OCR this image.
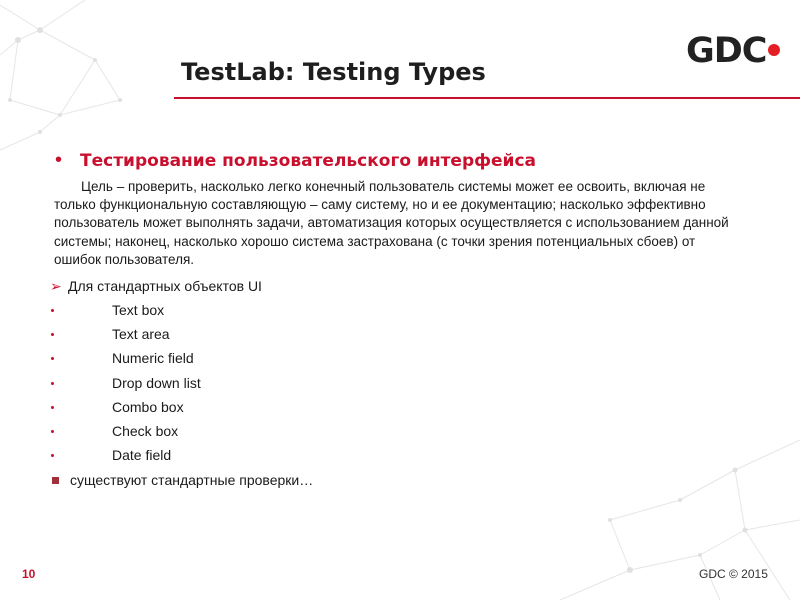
GDC
TestLab: Testing Types
• Тестирование пользовательского интерфейса

Цель – проверить, насколько легко конечный пользователь системы может ее освоить, включая не только функциональную составляющую – саму систему, но и ее документацию; насколько эффективно пользователь может выполнять задачи, автоматизация которых осуществляется с использованием данной системы; наконец, насколько хорошо система застрахована (с точки зрения потенциальных сбоев) от ошибок пользователя.

➢ Для стандартных объектов UI
Text box
Text area
Numeric field
Drop down list
Combo box
Check box
Date field
существуют стандартные проверки…
10	GDC © 2015
